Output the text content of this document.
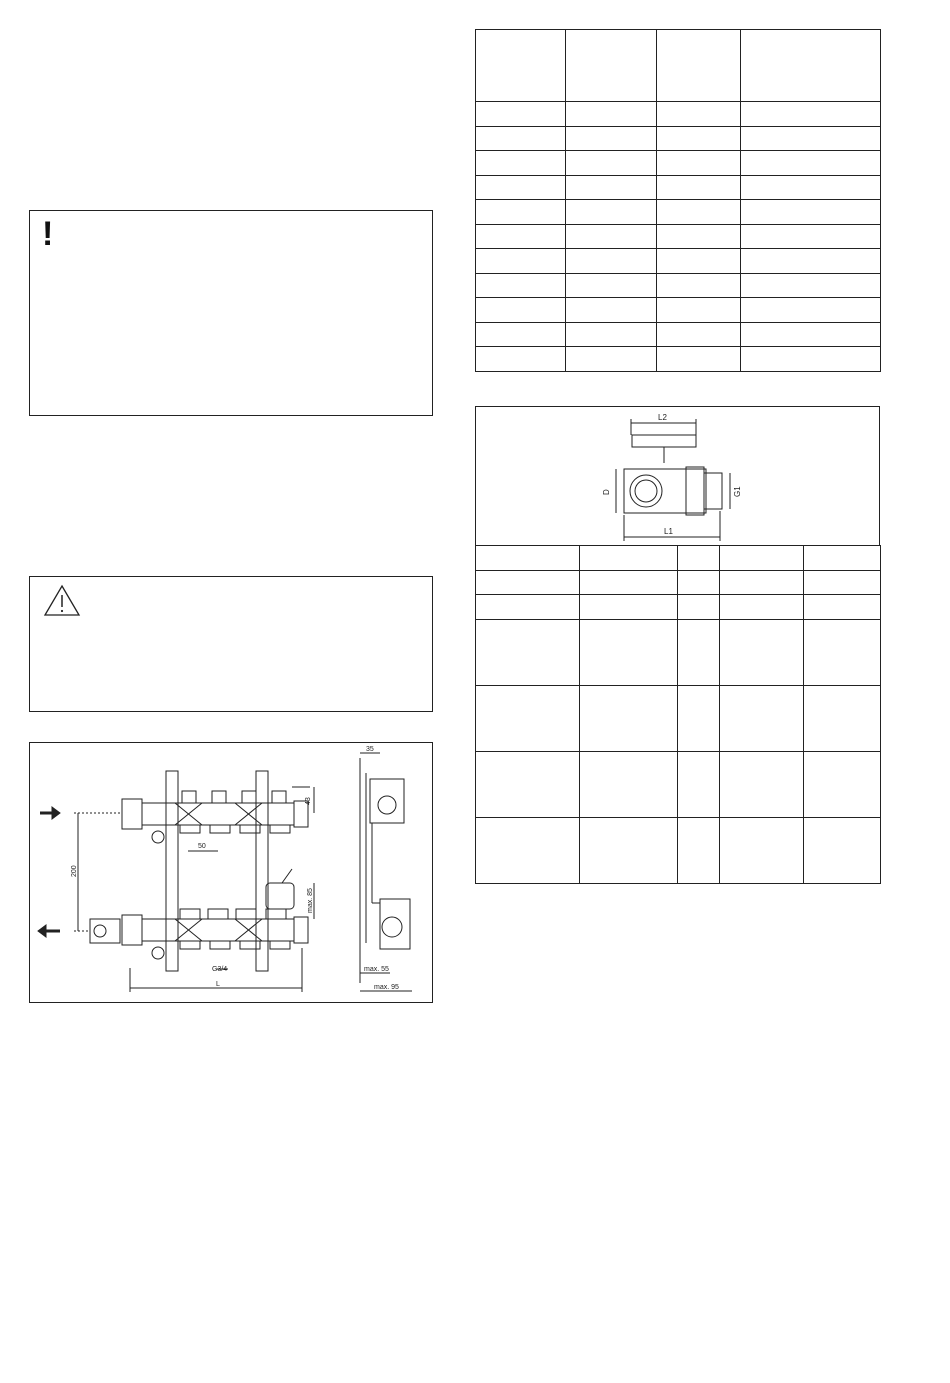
!
43
50
200
max. 85
G3/4
L
35
max. 55
max. 95

L2
D	G1
L1
